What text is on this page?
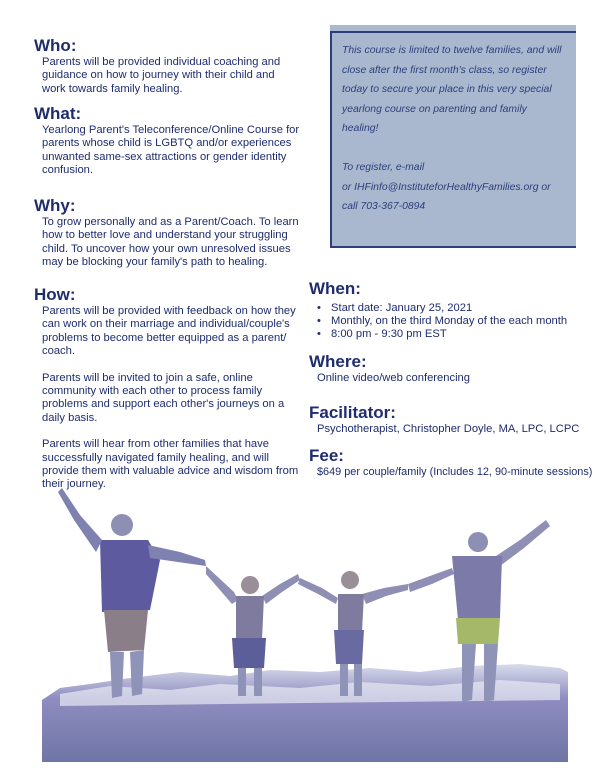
Who:

Parents will be provided individual coaching and guidance on how to journey with their child and work towards family healing.

What:

Yearlong Parent's Teleconference/Online Course for parents whose child is LGBTQ and/or experiences unwanted same-sex attractions or gender identity confusion.

Why:

To grow personally and as a Parent/Coach. To learn how to better love and understand your struggling child. To uncover how your own unresolved issues may be blocking your family's path to healing.

How:

Parents will be provided with feedback on how they can work on their marriage and individual/couple's problems to become better equipped as a parent/ coach.

Parents will be invited to join a safe, online community with each other to process family problems and support each other's journeys on a daily basis.

Parents will hear from other families that have successfully navigated family healing, and will provide them with valuable advice and wisdom from their journey.

This course is limited to twelve families, and will close after the first month's class, so register today to secure your place in this very special yearlong course on parenting and family healing!

To register, e-mail

or IHFinfo@InstituteforHealthyFamilies.org or

call 703-367-0894

When:
• Start date: January 25, 2021
• Monthly, on the third Monday of the each month
• 8:00 pm - 9:30 pm EST
Where:

Online video/web conferencing

Facilitator:

Psychotherapist, Christopher Doyle, MA, LPC, LCPC

Fee:

$649 per couple/family (Includes 12, 90-minute sessions)
